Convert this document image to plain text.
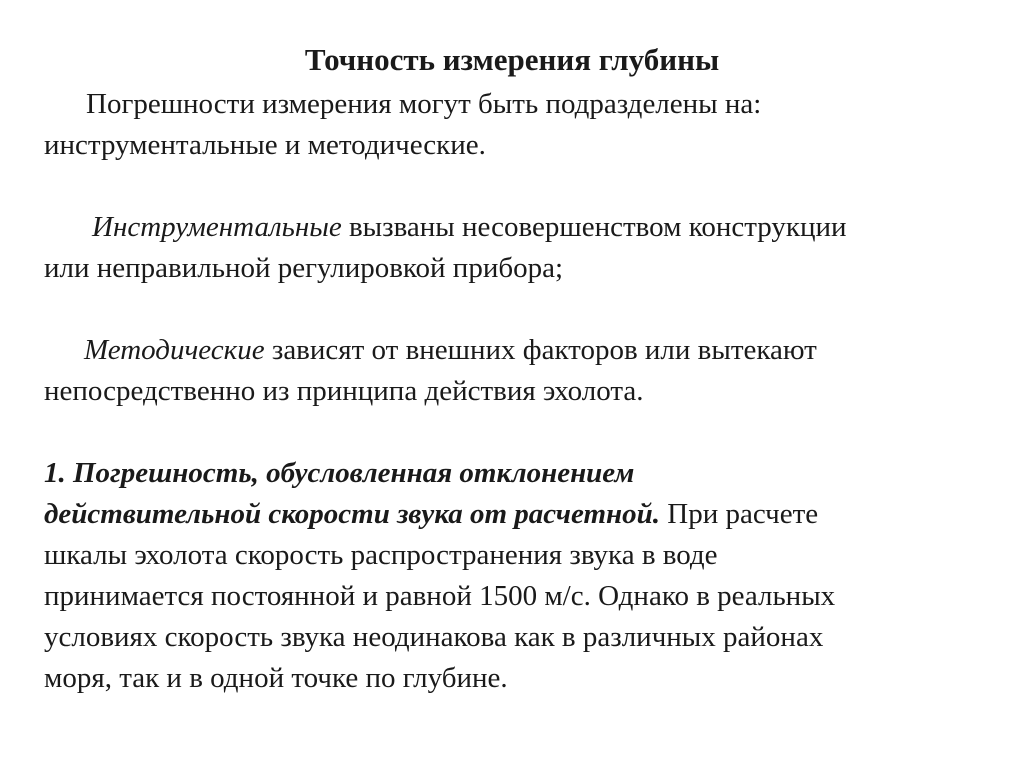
Точность измерения глубины
Погрешности измерения могут быть подразделены на:
инструментальные и методические.
Инструментальные вызваны несовершенством конструкции
или неправильной регулировкой прибора;
Методические зависят от внешних факторов или вытекают
непосредственно из принципа действия эхолота.
1. Погрешность, обусловленная отклонением
действительной скорости звука от расчетной. При расчете
шкалы эхолота скорость распространения звука в воде
принимается постоянной и равной 1500 м/с. Однако в реальных
условиях скорость звука неодинакова как в различных районах
моря, так и в одной точке по глубине.
